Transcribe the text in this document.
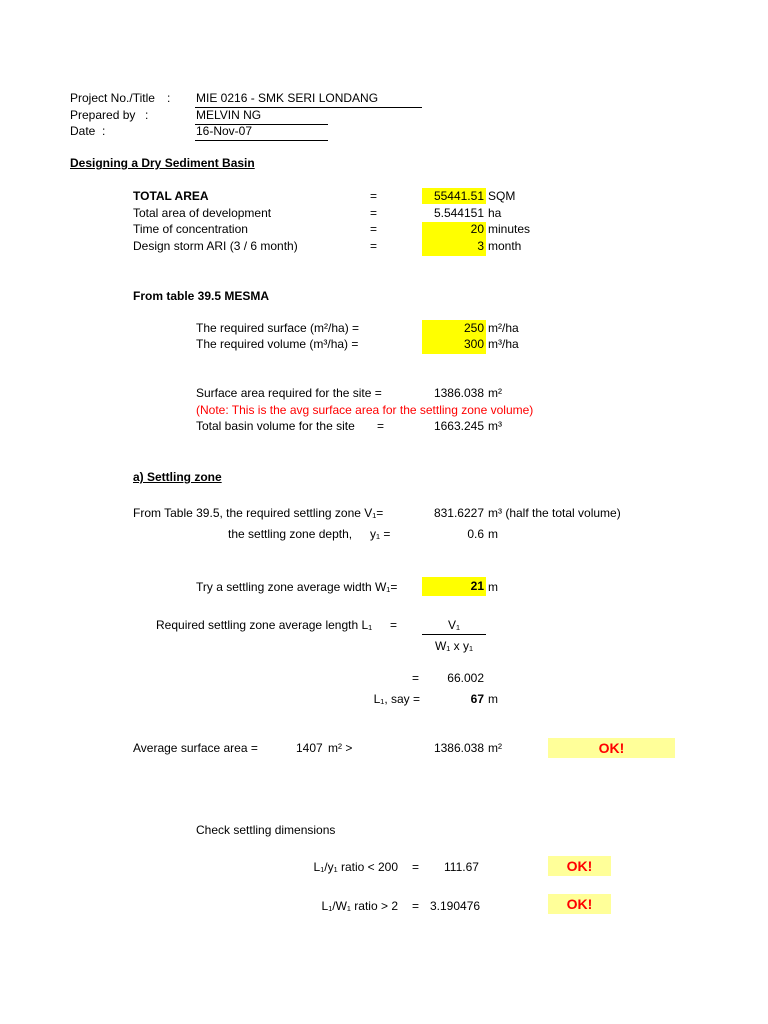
Project No./Title : MIE 0216 - SMK SERI LONDANG
Prepared by :	MELVIN NG
Date :	16-Nov-07
Designing a Dry Sediment Basin
TOTAL AREA	=	55441.51 SQM
Total area of development	=	5.544151 ha
Time of concentration	=	20 minutes
Design storm ARI (3 / 6 month)	=	3 month
From table 39.5 MESMA
The required surface (m²/ha) =	250 m²/ha
The required volume (m³/ha) =	300 m³/ha
Surface area required for the site =	1386.038 m²
(Note: This is the avg surface area for the settling zone volume)
Total basin volume for the site =	1663.245 m³
a) Settling zone
From Table 39.5, the required settling zone V₁=	831.6227 m³ (half the total volume)
the settling zone depth, y₁ =	0.6 m
Try a settling zone average width W₁=	21 m
Required settling zone average length L₁ =	V₁
W₁ x y₁
=	66.002
L₁, say =	67 m
Average surface area =	1407 m² >	1386.038 m²	OK!
Check settling dimensions
L₁/y₁ ratio < 200 = 111.67	OK!
L₁/W₁ ratio > 2 = 3.190476	OK!
